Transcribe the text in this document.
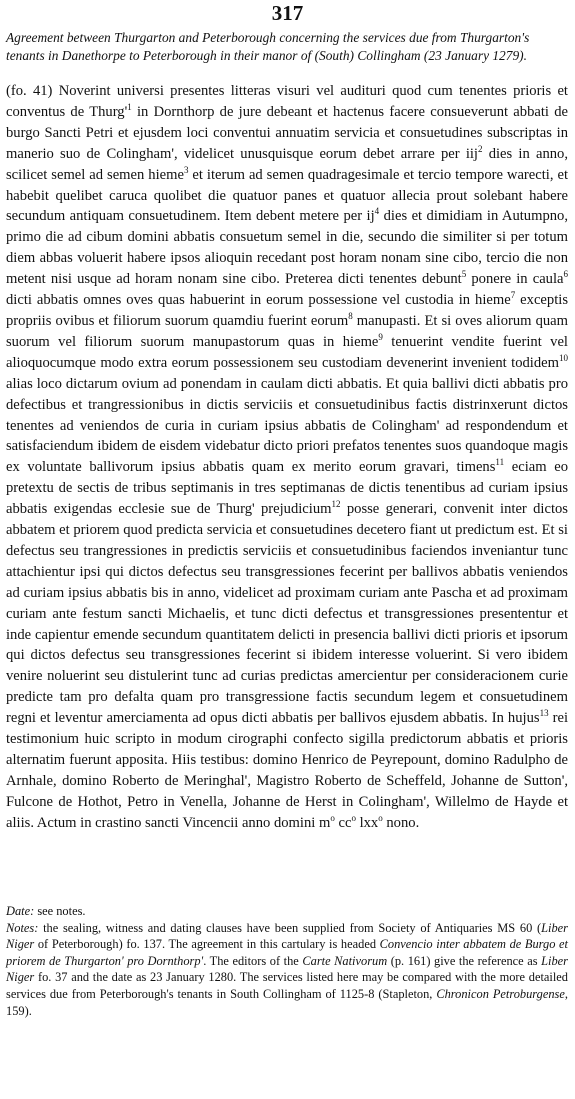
317
Agreement between Thurgarton and Peterborough concerning the services due from Thurgarton's tenants in Danethorpe to Peterborough in their manor of (South) Collingham (23 January 1279).
(fo. 41) Noverint universi presentes litteras visuri vel audituri quod cum tenentes prioris et conventus de $Thurg'^1$ in Dornthorp de jure debeant et hactenus facere consueverunt abbati de burgo Sancti Petri et ejusdem loci conventui annuatim servicia et consuetudines subscriptas in manerio suo de Colingham', videlicet unusquisque eorum debet arrare per iij$^2$ dies in anno, scilicet semel ad semen hieme$^3$ et iterum ad semen quadragesimale et tercio tempore warecti, et habebit quelibet caruca quolibet die quatuor panes et quatuor allecia prout solebant habere secundum antiquam consuetudinem. Item debent metere per $ij^4$ dies et dimidiam in Autumpno, primo die ad cibum domini abbatis consuetum semel in die, secundo die similiter si per totum diem abbas voluerit habere ipsos alioquin recedant post horam nonam sine cibo, tercio die non metent nisi usque ad horam nonam sine cibo. Preterea dicti tenentes debunt$^5$ ponere in caula$^6$ dicti abbatis omnes oves quas habuerint in eorum possessione vel custodia in hieme$^7$ exceptis propriis ovibus et filiorum suorum quamdiu fuerint eorum$^8$ manupasti. Et si oves aliorum quam suorum vel filiorum suorum manupastorum quas in hieme$^9$ tenuerint vendite fuerint vel alioquocumque modo extra eorum possessionem seu custodiam devenerint invenient todidem$^{10}$ alias loco dictarum ovium ad ponendam in caulam dicti abbatis. Et quia ballivi dicti abbatis pro defectibus et trangressionibus in dictis serviciis et consuetudinibus factis distrinxerunt dictos tenentes ad veniendos de curia in curiam ipsius abbatis de Colingham' ad respondendum et satisfaciendum ibidem de eisdem videbatur dicto priori prefatos tenentes suos quandoque magis ex voluntate ballivorum ipsius abbatis quam ex merito eorum gravari, timens$^{11}$ eciam eo pretextu de sectis de tribus septimanis in tres septimanas de dictis tenentibus ad curiam ipsius abbatis exigendas ecclesie sue de Thurg' prejudicium$^{12}$ posse generari, convenit inter dictos abbatem et priorem quod predicta servicia et consuetudines decetero fiant ut predictum est. Et si defectus seu trangressiones in predictis serviciis et consuetudinibus faciendos inveniantur tunc attachientur ipsi qui dictos defectus seu transgressiones fecerint per ballivos abbatis veniendos ad curiam ipsius abbatis bis in anno, videlicet ad proximam curiam ante Pascha et ad proximam curiam ante festum sancti Michaelis, et tunc dicti defectus et transgressiones presententur et inde capientur emende secundum quantitatem delicti in presencia ballivi dicti prioris et ipsorum qui dictos defectus seu transgressiones fecerint si ibidem interesse voluerint. Si vero ibidem venire noluerint seu distulerint tunc ad curias predictas amercientur per consideracionem curie predicte tam pro defalta quam pro transgressione factis secundum legem et consuetudinem regni et leventur amerciamenta ad opus dicti abbatis per ballivos ejusdem abbatis. In hujus$^{13}$ rei testimonium huic scripto in modum cirographi confecto sigilla predictorum abbatis et prioris alternatim fuerunt apposita. Hiis testibus: domino Henrico de Peyrepount, domino Radulpho de Arnhale, domino Roberto de Meringhal', Magistro Roberto de Scheffeld, Johanne de Sutton', Fulcone de Hothot, Petro in Venella, Johanne de Herst in Colingham', Willelmo de Hayde et aliis. Actum in crastino sancti Vincencii anno domini $m^o$ $cc^o$ lxx$^o$ nono.

Date: see notes.

Notes: the sealing, witness and dating clauses have been supplied from Society of Antiquaries MS 60 (Liber Niger of Peterborough) fo. 137. The agreement in this cartulary is headed Convencio inter abbatem de Burgo et priorem de Thurgarton' pro Dornthorp'. The editors of the Carte Nativorum (p. 161) give the reference as Liber Niger fo. 37 and the date as 23 January 1280. The services listed here may be compared with the more detailed services due from Peterborough's tenants in South Collingham of 1125-8 (Stapleton, Chronicon Petroburgense, 159).
